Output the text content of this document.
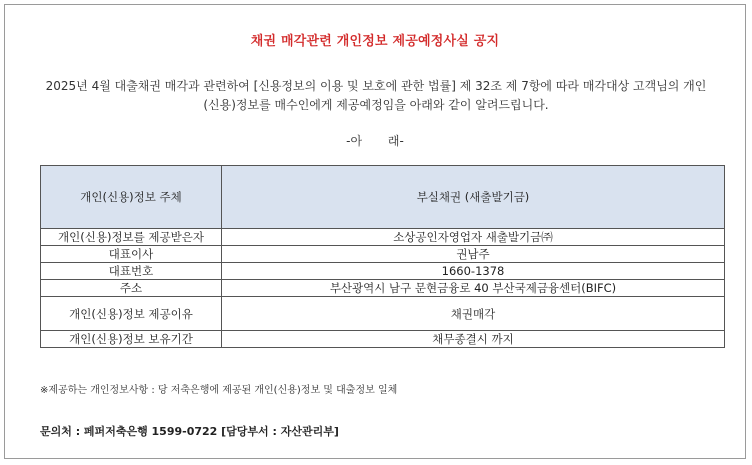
채권 매각관련 개인정보 제공예정사실 공지
2025년 4월 대출채권 매각과 관련하여 [신용정보의 이용 및 보호에 관한 법률] 제 32조 제 7항에 따라 매각대상 고객님의 개인
(신용)정보를 매수인에게 제공예정임을 아래와 같이 알려드립니다.
-아 래-
개인(신용)정보 주체	부실채권 (새출발기금)
개인(신용)정보를 제공받은자	소상공인자영업자 새출발기금㈜
대표이사	권남주
대표번호	1660-1378
주소	부산광역시 남구 문현금융로 40 부산국제금융센터(BIFC)
개인(신용)정보 제공이유	채권매각
개인(신용)정보 보유기간	채무종결시 까지
※제공하는 개인정보사항 : 당 저축은행에 제공된 개인(신용)정보 및 대출정보 일체
문의처 : 페퍼저축은행 1599-0722 [담당부서 : 자산관리부]
